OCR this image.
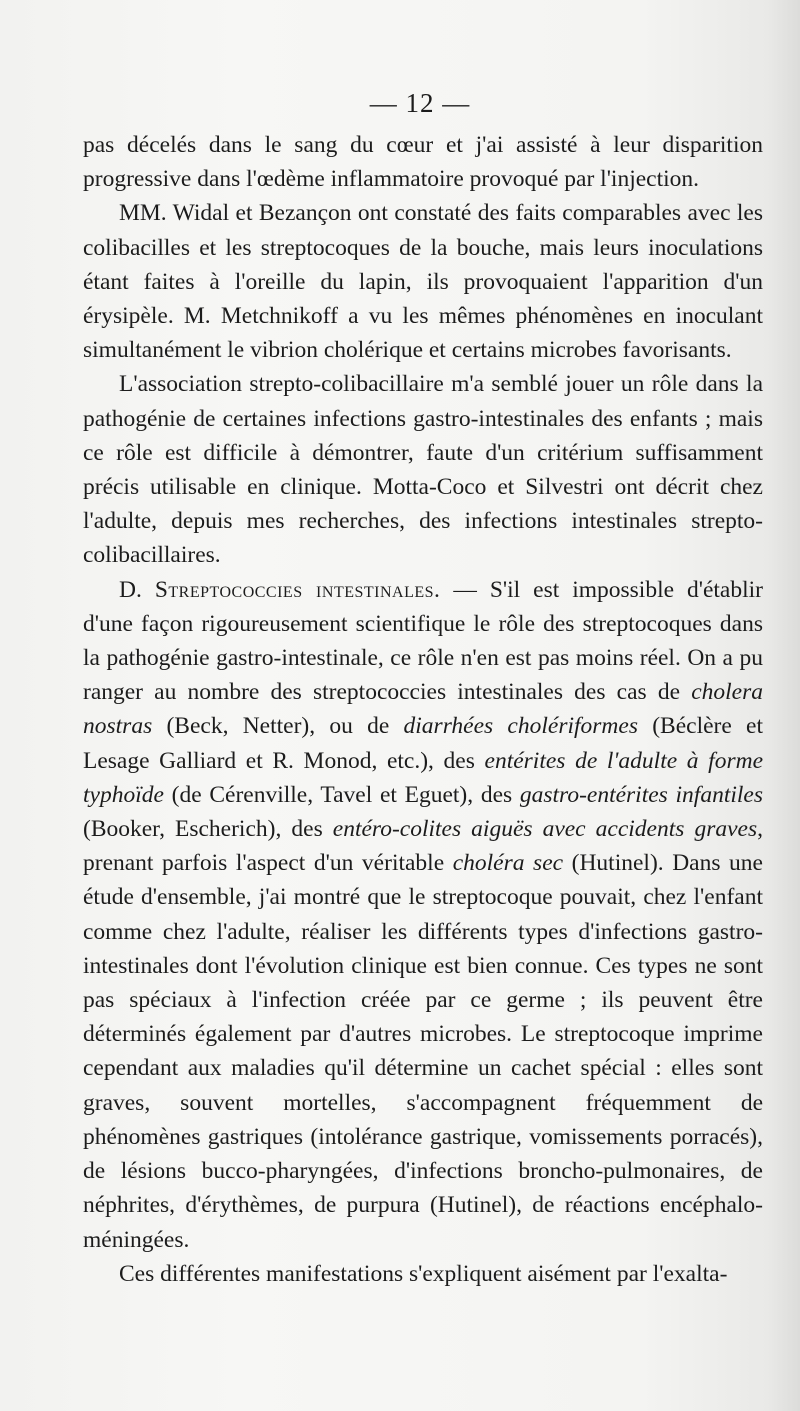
— 12 —

pas décelés dans le sang du cœur et j'ai assisté à leur disparition progressive dans l'œdème inflammatoire provoqué par l'injection.

MM. Widal et Bezançon ont constaté des faits comparables avec les colibacilles et les streptocoques de la bouche, mais leurs inoculations étant faites à l'oreille du lapin, ils provoquaient l'apparition d'un érysipèle. M. Metchnikoff a vu les mêmes phénomènes en inoculant simultanément le vibrion cholérique et certains microbes favorisants.

L'association strepto-colibacillaire m'a semblé jouer un rôle dans la pathogénie de certaines infections gastro-intestinales des enfants ; mais ce rôle est difficile à démontrer, faute d'un critérium suffisamment précis utilisable en clinique. Motta-Coco et Silvestri ont décrit chez l'adulte, depuis mes recherches, des infections intestinales strepto-colibacillaires.

D. Streptococcies intestinales. — S'il est impossible d'établir d'une façon rigoureusement scientifique le rôle des streptocoques dans la pathogénie gastro-intestinale, ce rôle n'en est pas moins réel. On a pu ranger au nombre des streptococcies intestinales des cas de cholera nostras (Beck, Netter), ou de diarrhées cholériformes (Béclère et Lesage Galliard et R. Monod, etc.), des entérites de l'adulte à forme typhoïde (de Cérenville, Tavel et Eguet), des gastro-entérites infantiles (Booker, Escherich), des entéro-colites aiguës avec accidents graves, prenant parfois l'aspect d'un véritable choléra sec (Hutinel). Dans une étude d'ensemble, j'ai montré que le streptocoque pouvait, chez l'enfant comme chez l'adulte, réaliser les différents types d'infections gastro-intestinales dont l'évolution clinique est bien connue. Ces types ne sont pas spéciaux à l'infection créée par ce germe ; ils peuvent être déterminés également par d'autres microbes. Le streptocoque imprime cependant aux maladies qu'il détermine un cachet spécial : elles sont graves, souvent mortelles, s'accompagnent fréquemment de phénomènes gastriques (intolérance gastrique, vomissements porracés), de lésions bucco-pharyngées, d'infections broncho-pulmonaires, de néphrites, d'érythèmes, de purpura (Hutinel), de réactions encéphalo-méningées.

Ces différentes manifestations s'expliquent aisément par l'exalta-
